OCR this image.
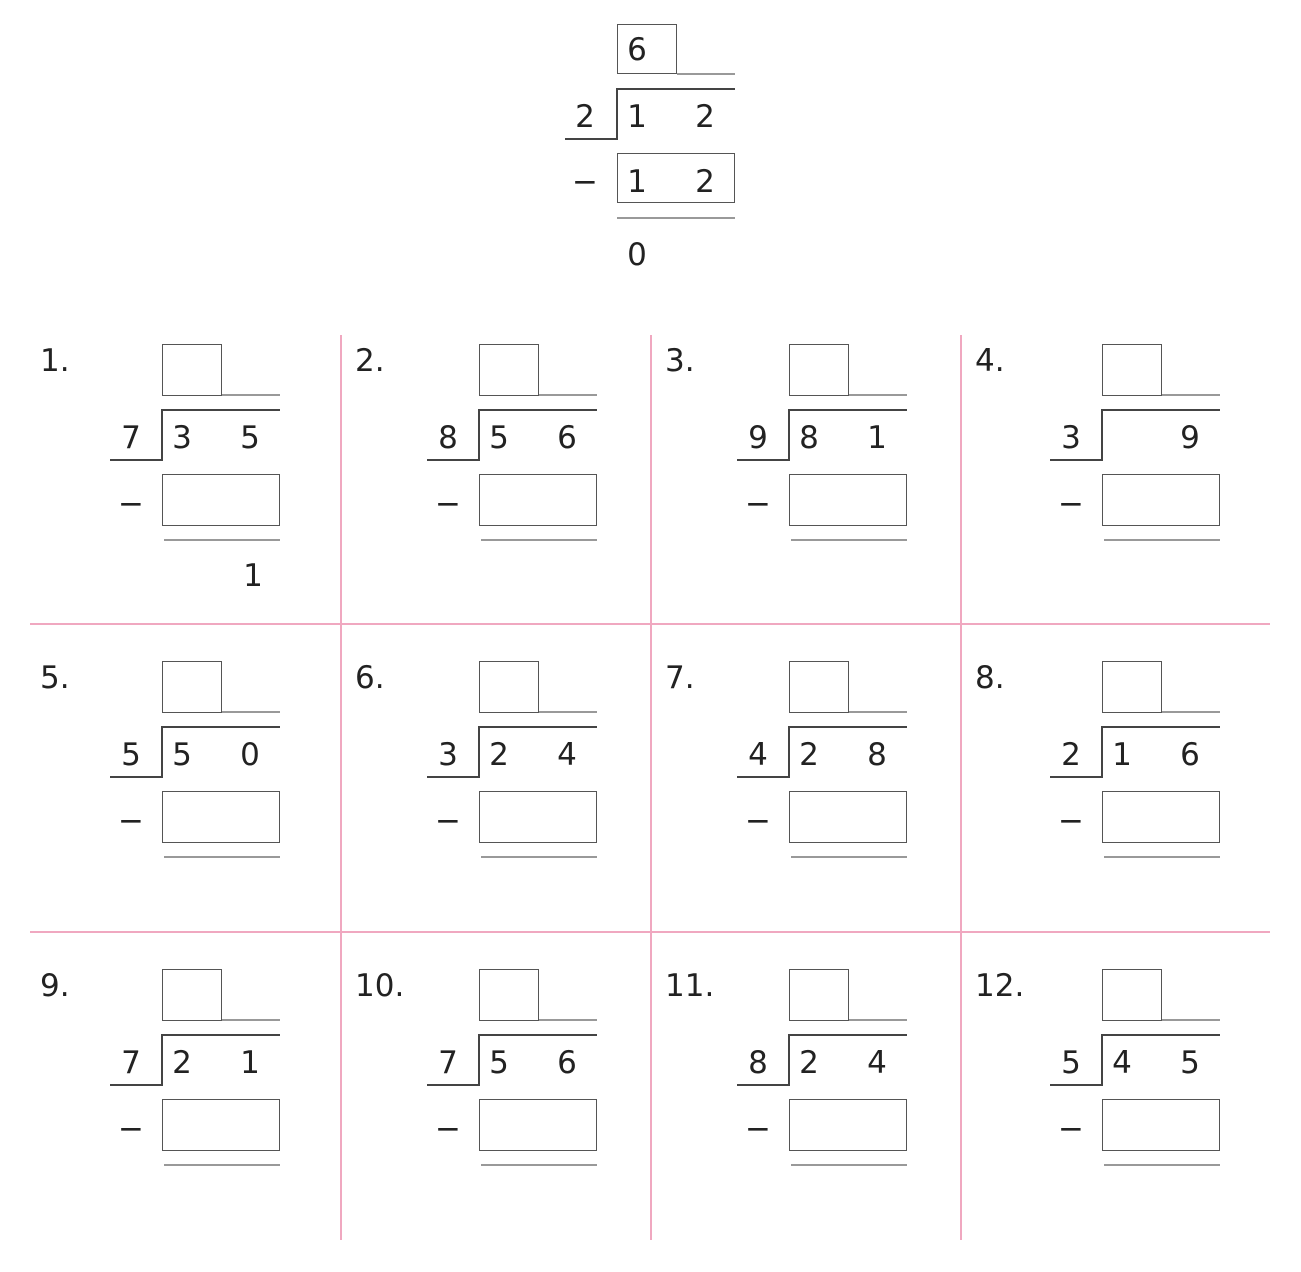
6
2 1 2
− 1 2
0
1.
7 3 5
−
1
2.
8 5 6
−
3.
9 8 1
−
4.
3	9
−
5.
5 5 0
−
6.
3 2 4
−
7.
4 2 8
−
8.
2 1 6
−
9.
7 2 1
−
10.
7 5 6
−
11.
8 2 4
−
12.
5 4 5
−
